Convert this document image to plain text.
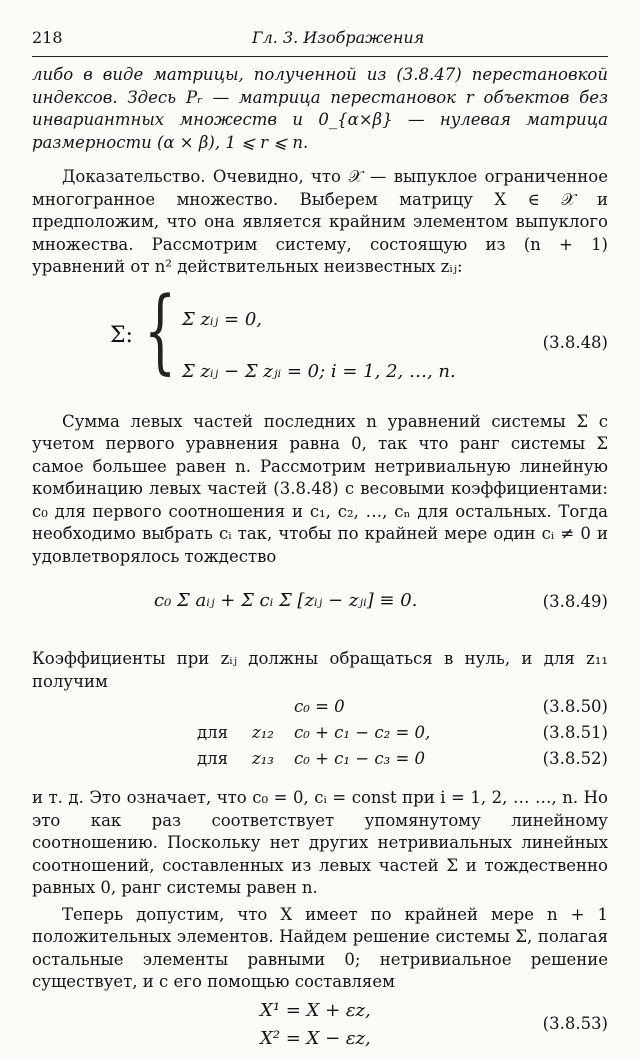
218	Гл. 3. Изображения

либо в виде матрицы, полученной из (3.8.47) перестановкой индексов. Здесь Pᵣ — матрица перестановок r объектов без инвариантных множеств и 0_{α×β} — нулевая матрица размерности (α × β), 1 ⩽ r ⩽ n.

Доказательство. Очевидно, что 𝒳 — выпуклое ограниченное многогранное множество. Выберем матрицу X ∈ 𝒳 и предположим, что она является крайним элементом выпуклого множества. Рассмотрим систему, состоящую из (n + 1) уравнений от n² действительных неизвестных zᵢⱼ:

Σ: { Σ zᵢⱼ = 0,
Σ zᵢⱼ − Σ zⱼᵢ = 0; i = 1, 2, …, n.
(3.8.48)

Сумма левых частей последних n уравнений системы Σ с учетом первого уравнения равна 0, так что ранг системы Σ самое большее равен n. Рассмотрим нетривиальную линейную комбинацию левых частей (3.8.48) с весовыми коэффициентами: c₀ для первого соотношения и c₁, c₂, …, cₙ для остальных. Тогда необходимо выбрать cᵢ так, чтобы по крайней мере один cᵢ ≠ 0 и удовлетворялось тождество

c₀ Σ aᵢⱼ + Σ cᵢ Σ [zᵢⱼ − zⱼᵢ] ≡ 0.	(3.8.49)

Коэффициенты при zᵢⱼ должны обращаться в нуль, и для z₁₁ получим

c₀ = 0	(3.8.50)
для z₁₂ c₀ + c₁ − c₂ = 0,	(3.8.51)
для z₁₃ c₀ + c₁ − c₃ = 0	(3.8.52)

и т. д. Это означает, что c₀ = 0, cᵢ = const при i = 1, 2, … …, n. Но это как раз соответствует упомянутому линейному соотношению. Поскольку нет других нетривиальных линейных соотношений, составленных из левых частей Σ и тождественно равных 0, ранг системы равен n.

Теперь допустим, что X имеет по крайней мере n + 1 положительных элементов. Найдем решение системы Σ, полагая остальные элементы равными 0; нетривиальное решение существует, и с его помощью составляем

X¹ = X + εz,
X² = X − εz,
(3.8.53)
